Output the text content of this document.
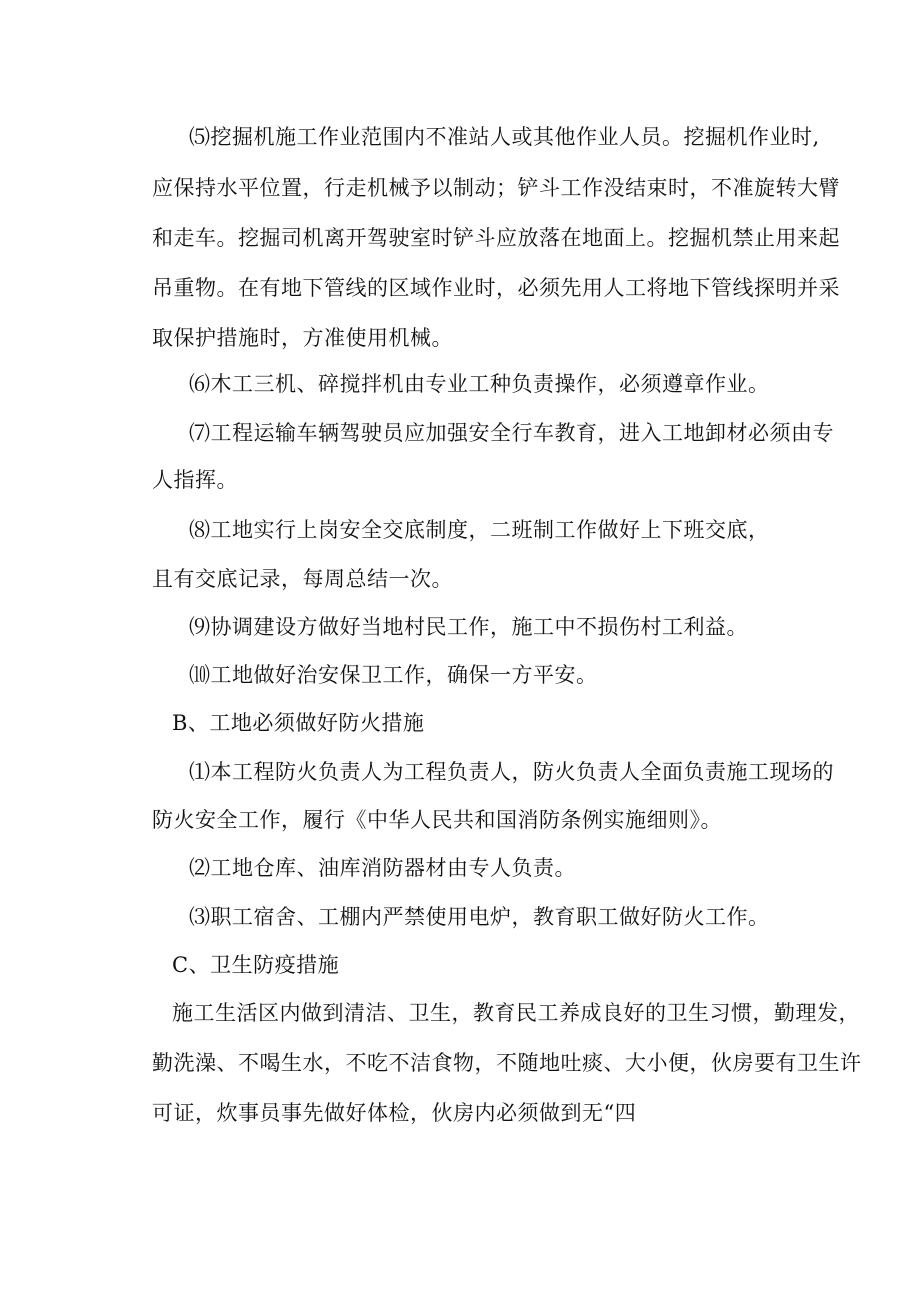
⑸挖掘机施工作业范围内不准站人或其他作业人员。挖掘机作业时,
应保持水平位置，行走机械予以制动；铲斗工作没结束时，不准旋转大臂
和走车。挖掘司机离开驾驶室时铲斗应放落在地面上。挖掘机禁止用来起
吊重物。在有地下管线的区域作业时，必须先用人工将地下管线探明并采
取保护措施时，方准使用机械。
⑹木工三机、碎搅拌机由专业工种负责操作，必须遵章作业。
⑺工程运输车辆驾驶员应加强安全行车教育，进入工地卸材必须由专
人指挥。
⑻工地实行上岗安全交底制度，二班制工作做好上下班交底，
且有交底记录，每周总结一次。
⑼协调建设方做好当地村民工作，施工中不损伤村工利益。
⑽工地做好治安保卫工作，确保一方平安。
B、工地必须做好防火措施
⑴本工程防火负责人为工程负责人，防火负责人全面负责施工现场的
防火安全工作，履行《中华人民共和国消防条例实施细则》。
⑵工地仓库、油库消防器材由专人负责。
⑶职工宿舍、工棚内严禁使用电炉，教育职工做好防火工作。
C、卫生防疫措施
施工生活区内做到清洁、卫生，教育民工养成良好的卫生习惯，勤理发，
勤洗澡、不喝生水，不吃不洁食物，不随地吐痰、大小便，伙房要有卫生许
可证，炊事员事先做好体检，伙房内必须做到无“四
